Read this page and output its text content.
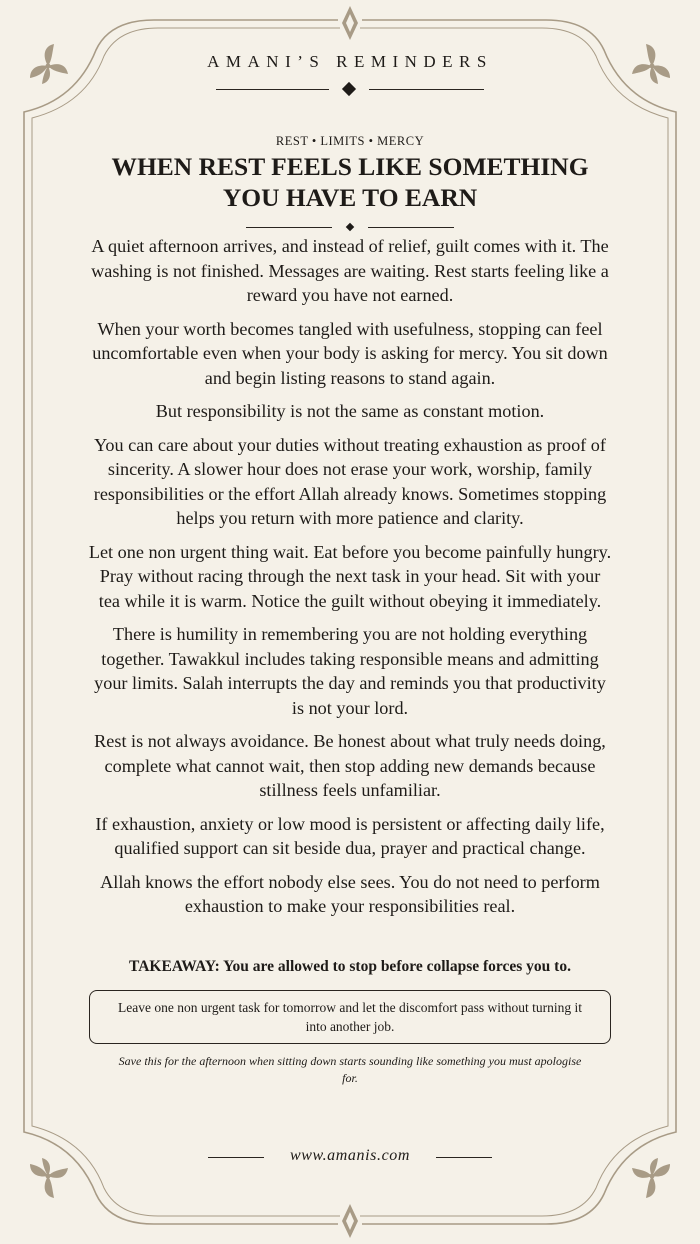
AMANI’S REMINDERS
REST • LIMITS • MERCY
WHEN REST FEELS LIKE SOMETHING
YOU HAVE TO EARN

A quiet afternoon arrives, and instead of relief, guilt comes with it. The washing is not finished. Messages are waiting. Rest starts feeling like a reward you have not earned.

When your worth becomes tangled with usefulness, stopping can feel uncomfortable even when your body is asking for mercy. You sit down and begin listing reasons to stand again.

But responsibility is not the same as constant motion.

You can care about your duties without treating exhaustion as proof of sincerity. A slower hour does not erase your work, worship, family responsibilities or the effort Allah already knows. Sometimes stopping helps you return with more patience and clarity.

Let one non urgent thing wait. Eat before you become painfully hungry. Pray without racing through the next task in your head. Sit with your tea while it is warm. Notice the guilt without obeying it immediately.

There is humility in remembering you are not holding everything together. Tawakkul includes taking responsible means and admitting your limits. Salah interrupts the day and reminds you that productivity is not your lord.

Rest is not always avoidance. Be honest about what truly needs doing, complete what cannot wait, then stop adding new demands because stillness feels unfamiliar.

If exhaustion, anxiety or low mood is persistent or affecting daily life, qualified support can sit beside dua, prayer and practical change.

Allah knows the effort nobody else sees. You do not need to perform exhaustion to make your responsibilities real.

TAKEAWAY: You are allowed to stop before collapse forces you to.
Leave one non urgent task for tomorrow and let the discomfort pass without turning it into another job.
Save this for the afternoon when sitting down starts sounding like something you must apologise for.
www.amanis.com
